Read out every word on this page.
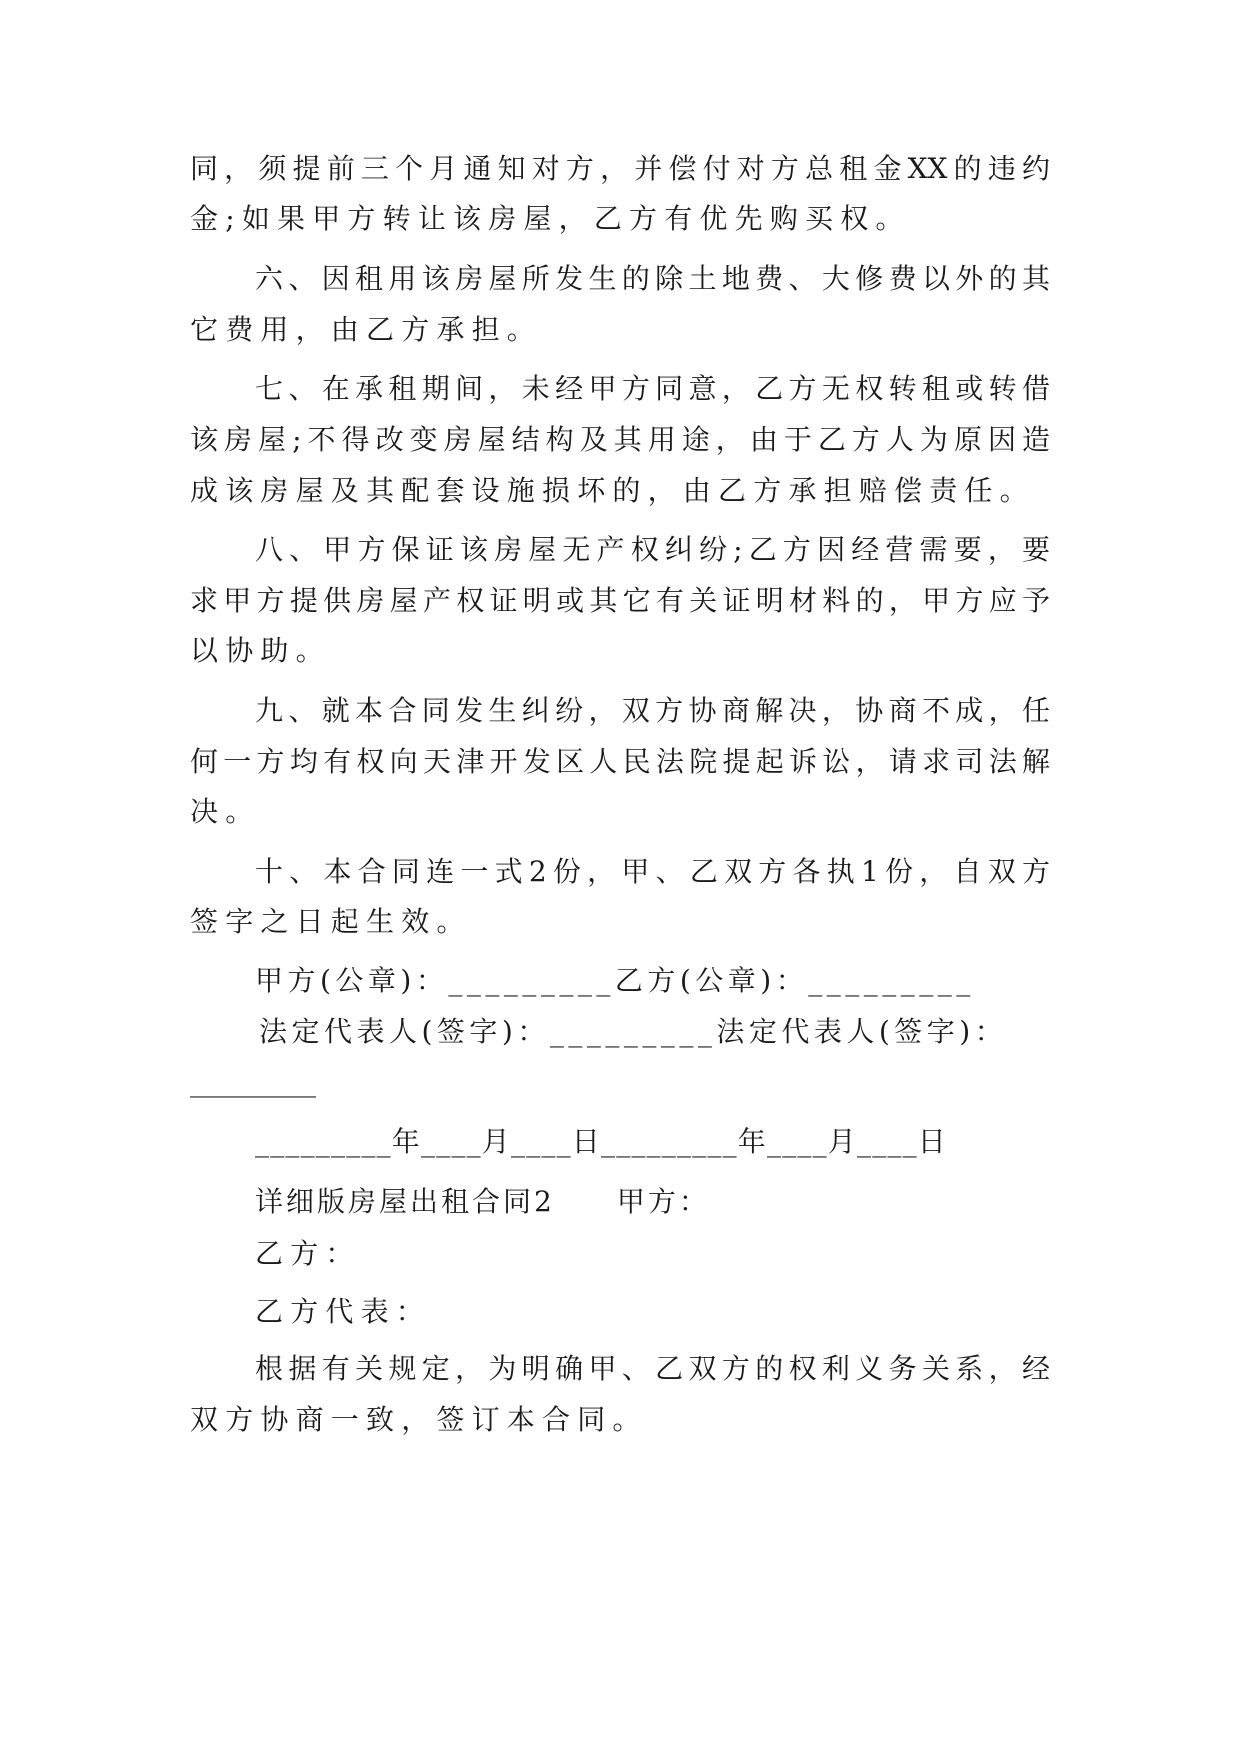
同，须提前三个月通知对方，并偿付对方总租金XX的违约
金;如果甲方转让该房屋，乙方有优先购买权。
六、因租用该房屋所发生的除土地费、大修费以外的其
它费用，由乙方承担。
七、在承租期间，未经甲方同意，乙方无权转租或转借
该房屋;不得改变房屋结构及其用途，由于乙方人为原因造
成该房屋及其配套设施损坏的，由乙方承担赔偿责任。
八、甲方保证该房屋无产权纠纷;乙方因经营需要，要
求甲方提供房屋产权证明或其它有关证明材料的，甲方应予
以协助。
九、就本合同发生纠纷，双方协商解决，协商不成，任
何一方均有权向天津开发区人民法院提起诉讼，请求司法解
决。
十、本合同连一式2份，甲、乙双方各执1份，自双方
签字之日起生效。
甲方(公章)：_________乙方(公章)：_________
法定代表人(签字)：_________法定代表人(签字)：
_________
_________年____月____日_________年____月____日
详细版房屋出租合同2　　甲方：
乙方：
乙方代表：
根据有关规定，为明确甲、乙双方的权利义务关系，经
双方协商一致，签订本合同。
